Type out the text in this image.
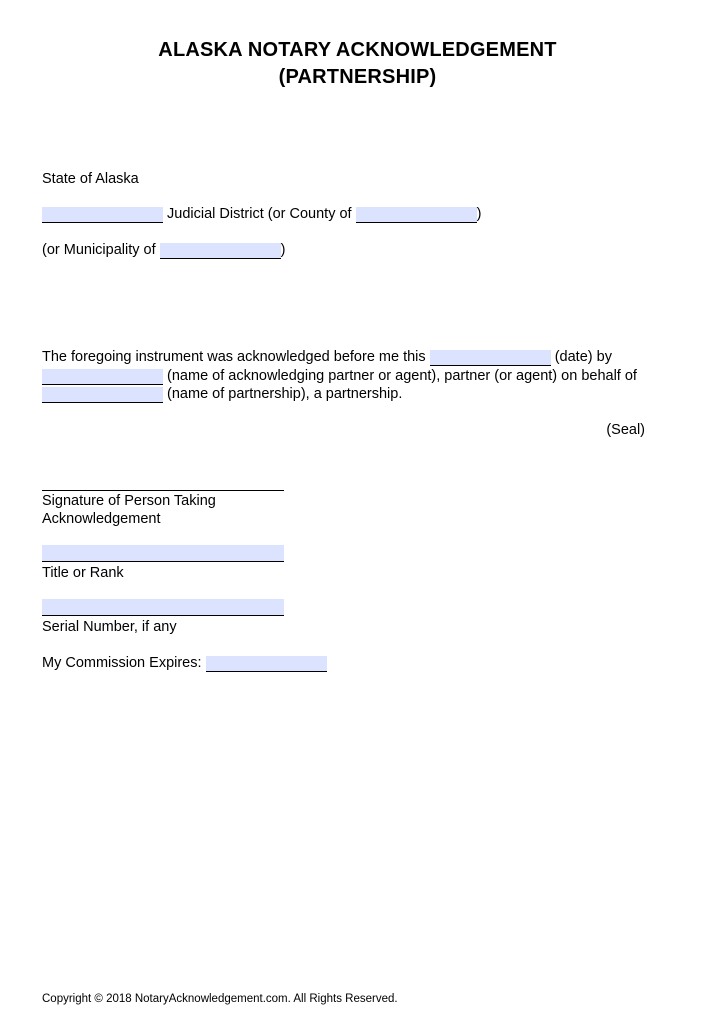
ALASKA NOTARY ACKNOWLEDGEMENT
(PARTNERSHIP)
State of Alaska
Judicial District (or County of	)
(or Municipality of	)
The foregoing instrument was acknowledged before me this	(date) by
(name of acknowledging partner or agent), partner (or agent) on behalf of
(name of partnership), a partnership.
(Seal)
Signature of Person Taking
Acknowledgement
Title or Rank
Serial Number, if any
My Commission Expires:
Copyright © 2018 NotaryAcknowledgement.com. All Rights Reserved.
